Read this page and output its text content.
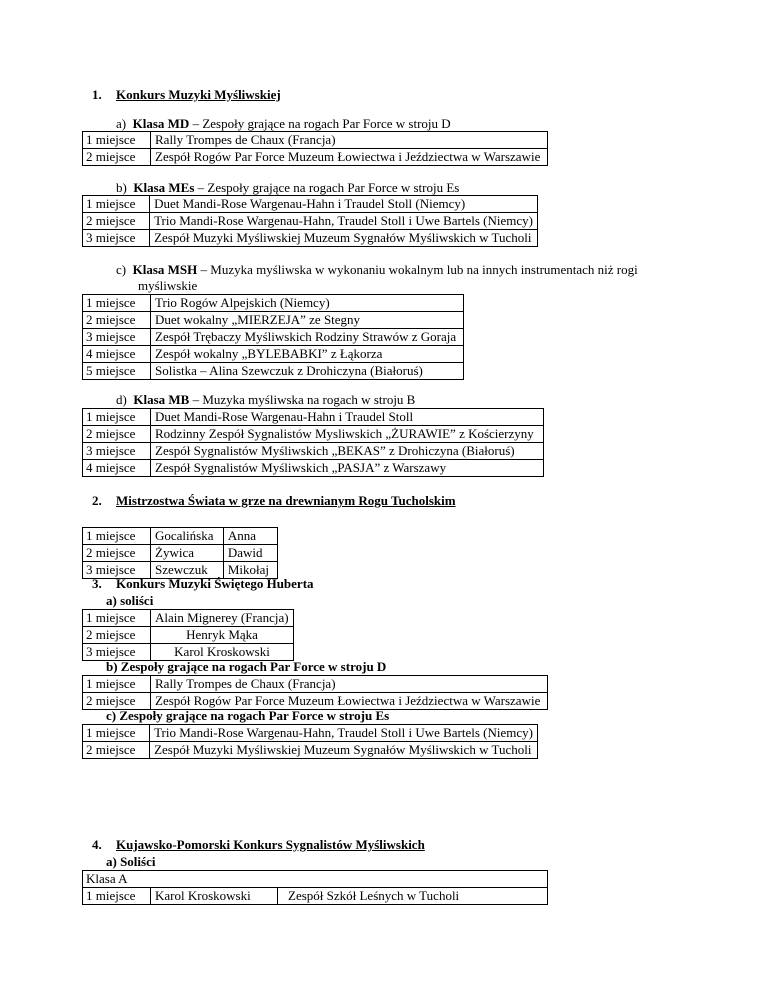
1. Konkurs Muzyki Myśliwskiej
a) Klasa MD – Zespoły grające na rogach Par Force w stroju D
1 miejsce	Rally Trompes de Chaux (Francja)
2 miejsce	Zespół Rogów Par Force Muzeum Łowiectwa i Jeździectwa w Warszawie
b) Klasa MEs – Zespoły grające na rogach Par Force w stroju Es
1 miejsce	Duet Mandi-Rose Wargenau-Hahn i Traudel Stoll (Niemcy)
2 miejsce	Trio Mandi-Rose Wargenau-Hahn, Traudel Stoll i Uwe Bartels (Niemcy)
3 miejsce	Zespół Muzyki Myśliwskiej Muzeum Sygnałów Myśliwskich w Tucholi
c) Klasa MSH – Muzyka myśliwska w wykonaniu wokalnym lub na innych instrumentach niż rogi
myśliwskie
1 miejsce	Trio Rogów Alpejskich (Niemcy)
2 miejsce	Duet wokalny „MIERZEJA” ze Stegny
3 miejsce	Zespół Trębaczy Myśliwskich Rodziny Strawów z Goraja
4 miejsce	Zespół wokalny „BYLEBABKI” z Łąkorza
5 miejsce	Solistka – Alina Szewczuk z Drohiczyna (Białoruś)
d) Klasa MB – Muzyka myśliwska na rogach w stroju B
1 miejsce	Duet Mandi-Rose Wargenau-Hahn i Traudel Stoll
2 miejsce	Rodzinny Zespół Sygnalistów Mysliwskich „ŻURAWIE” z Kościerzyny
3 miejsce	Zespół Sygnalistów Myśliwskich „BEKAS” z Drohiczyna (Białoruś)
4 miejsce	Zespół Sygnalistów Myśliwskich „PASJA” z Warszawy
2. Mistrzostwa Świata w grze na drewnianym Rogu Tucholskim
1 miejsce	Gocalińska	Anna
2 miejsce	Żywica	Dawid
3 miejsce	Szewczuk	Mikołaj
3. Konkurs Muzyki Świętego Huberta
a) soliści
1 miejsce	Alain Mignerey (Francja)
2 miejsce	Henryk Mąka
3 miejsce	Karol Kroskowski
b) Zespoły grające na rogach Par Force w stroju D
1 miejsce	Rally Trompes de Chaux (Francja)
2 miejsce	Zespół Rogów Par Force Muzeum Łowiectwa i Jeździectwa w Warszawie
c) Zespoły grające na rogach Par Force w stroju Es
1 miejsce	Trio Mandi-Rose Wargenau-Hahn, Traudel Stoll i Uwe Bartels (Niemcy)
2 miejsce	Zespół Muzyki Myśliwskiej Muzeum Sygnałów Myśliwskich w Tucholi
4. Kujawsko-Pomorski Konkurs Sygnalistów Myśliwskich
a) Soliści
Klasa A
1 miejsce	Karol Kroskowski	Zespół Szkół Leśnych w Tucholi
